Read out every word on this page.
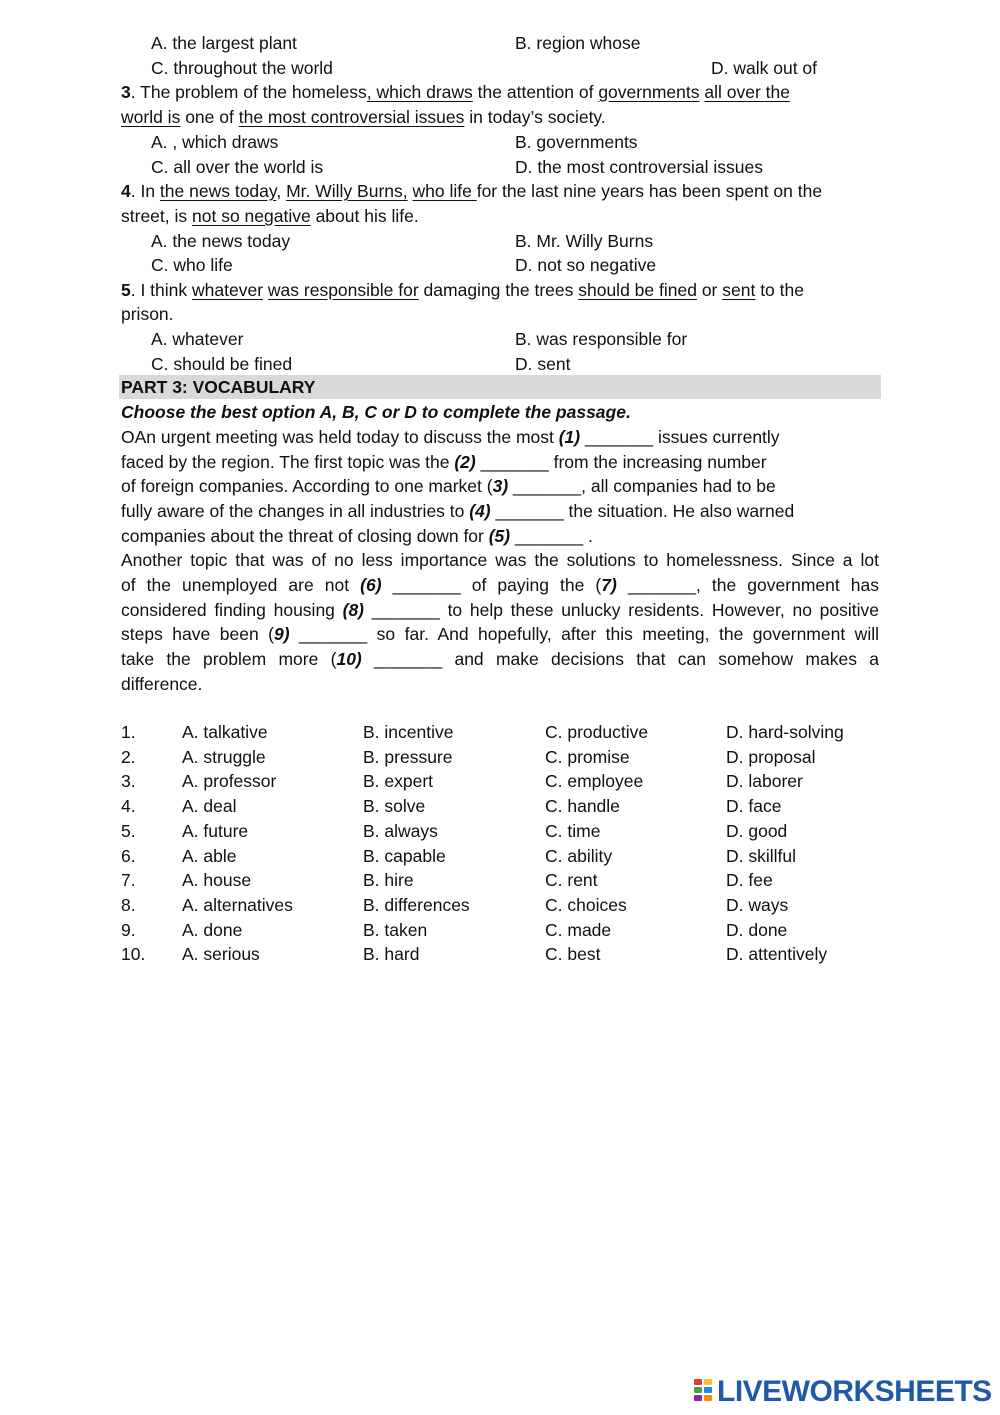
A. the largest plant	B. region whose
C. throughout the world	D. walk out of
3. The problem of the homeless, which draws the attention of governments all over the
world is one of the most controversial issues in today’s society.
A. , which draws	B. governments
C. all over the world is	D. the most controversial issues
4. In the news today, Mr. Willy Burns, who life for the last nine years has been spent on the
street, is not so negative about his life.
A. the news today	B. Mr. Willy Burns
C. who life	D. not so negative
5. I think whatever was responsible for damaging the trees should be fined or sent to the
prison.
A. whatever	B. was responsible for
C. should be fined	D. sent
PART 3: VOCABULARY
Choose the best option A, B, C or D to complete the passage.
OAn urgent meeting was held today to discuss the most (1) _______ issues currently
faced by the region. The first topic was the (2) _______ from the increasing number
of foreign companies. According to one market (3) _______, all companies had to be
fully aware of the changes in all industries to (4) _______ the situation. He also warned
companies about the threat of closing down for (5) _______ .
Another topic that was of no less importance was the solutions to homelessness. Since a lot
of the unemployed are not (6) _______ of paying the (7) _______, the government has
considered finding housing (8) _______ to help these unlucky residents. However, no positive
steps have been (9) _______ so far. And hopefully, after this meeting, the government will
take the problem more (10) _______ and make decisions that can somehow makes a
difference.
1.	A. talkative	B. incentive	C. productive	D. hard-solving
2.	A. struggle	B. pressure	C. promise	D. proposal
3.	A. professor	B. expert	C. employee	D. laborer
4.	A. deal	B. solve	C. handle	D. face
5.	A. future	B. always	C. time	D. good
6.	A. able	B. capable	C. ability	D. skillful
7.	A. house	B. hire	C. rent	D. fee
8.	A. alternatives	B. differences	C. choices	D. ways
9.	A. done	B. taken	C. made	D. done
10. A. serious	B. hard	C. best	D. attentively
LIVEWORKSHEETS
